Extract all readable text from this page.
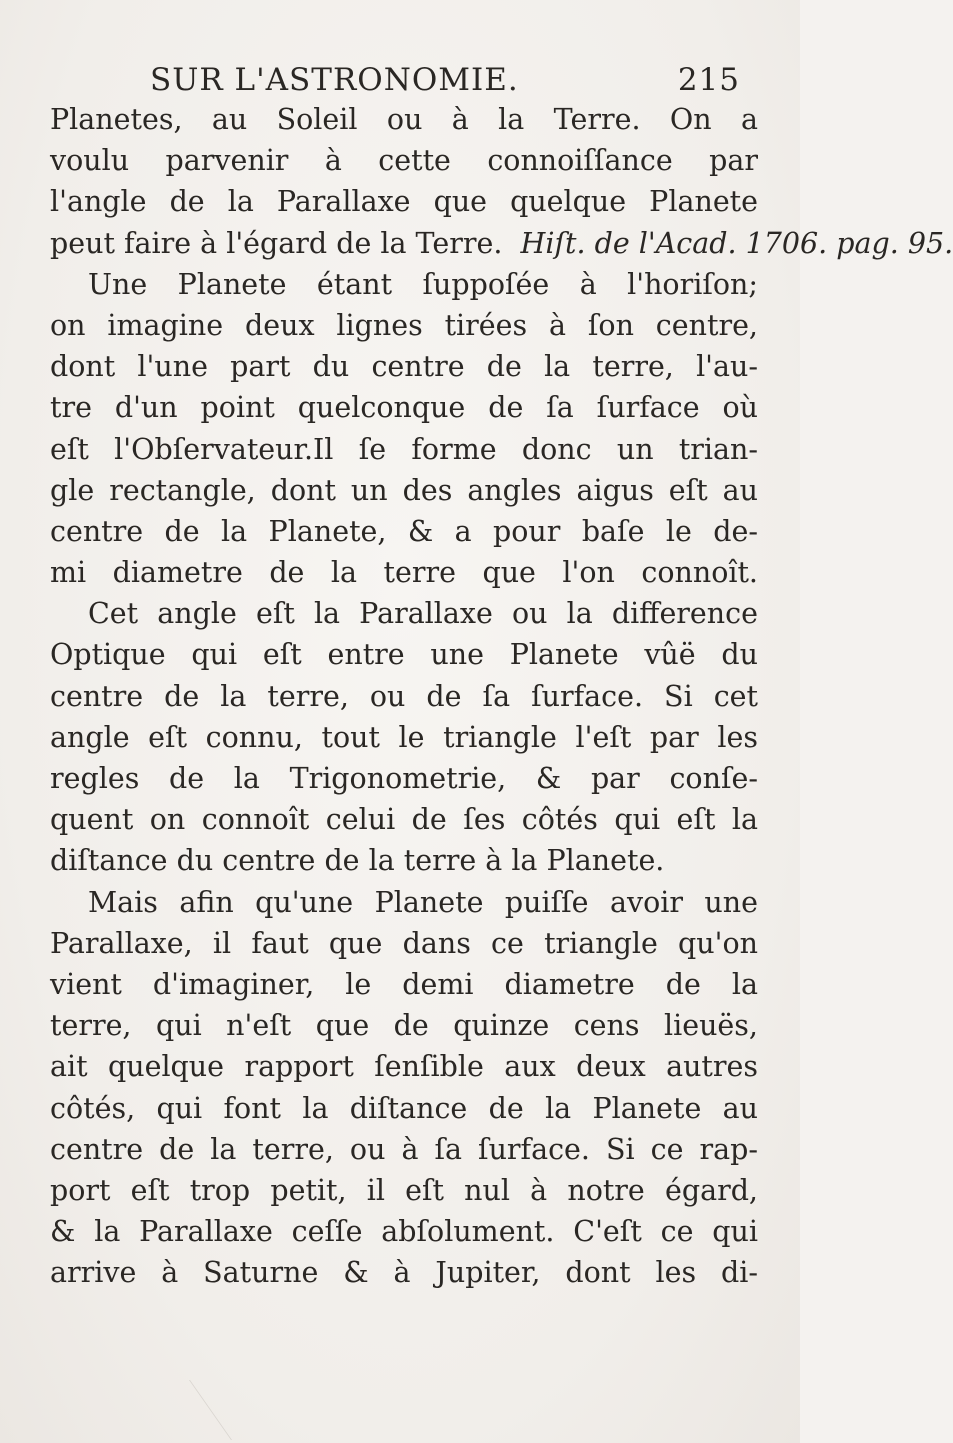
SUR L'ASTRONOMIE.	215
Planetes, au Soleil ou à la Terre. On a
voulu parvenir à cette connoiſſance par
l'angle de la Parallaxe que quelque Planete
peut faire à l'égard de la Terre. Hiſt. de l'Acad. 1706. pag. 95.
Une Planete étant ſuppoſée à l'horiſon;
on imagine deux lignes tirées à ſon centre,
dont l'une part du centre de la terre, l'au-
tre d'un point quelconque de ſa ſurface où
eſt l'Obſervateur.Il ſe forme donc un trian-
gle rectangle, dont un des angles aigus eſt au
centre de la Planete, & a pour baſe le de-
mi diametre de la terre que l'on connoît.
Cet angle eſt la Parallaxe ou la difference
Optique qui eſt entre une Planete vûë du
centre de la terre, ou de ſa ſurface. Si cet
angle eſt connu, tout le triangle l'eſt par les
regles de la Trigonometrie, & par conſe-
quent on connoît celui de ſes côtés qui eſt la
diſtance du centre de la terre à la Planete.
Mais afin qu'une Planete puiſſe avoir une
Parallaxe, il faut que dans ce triangle qu'on
vient d'imaginer, le demi diametre de la
terre, qui n'eſt que de quinze cens lieuës,
ait quelque rapport ſenſible aux deux autres
côtés, qui font la diſtance de la Planete au
centre de la terre, ou à ſa ſurface. Si ce rap-
port eſt trop petit, il eſt nul à notre égard,
& la Parallaxe ceſſe abſolument. C'eſt ce qui
arrive à Saturne & à Jupiter, dont les di-
